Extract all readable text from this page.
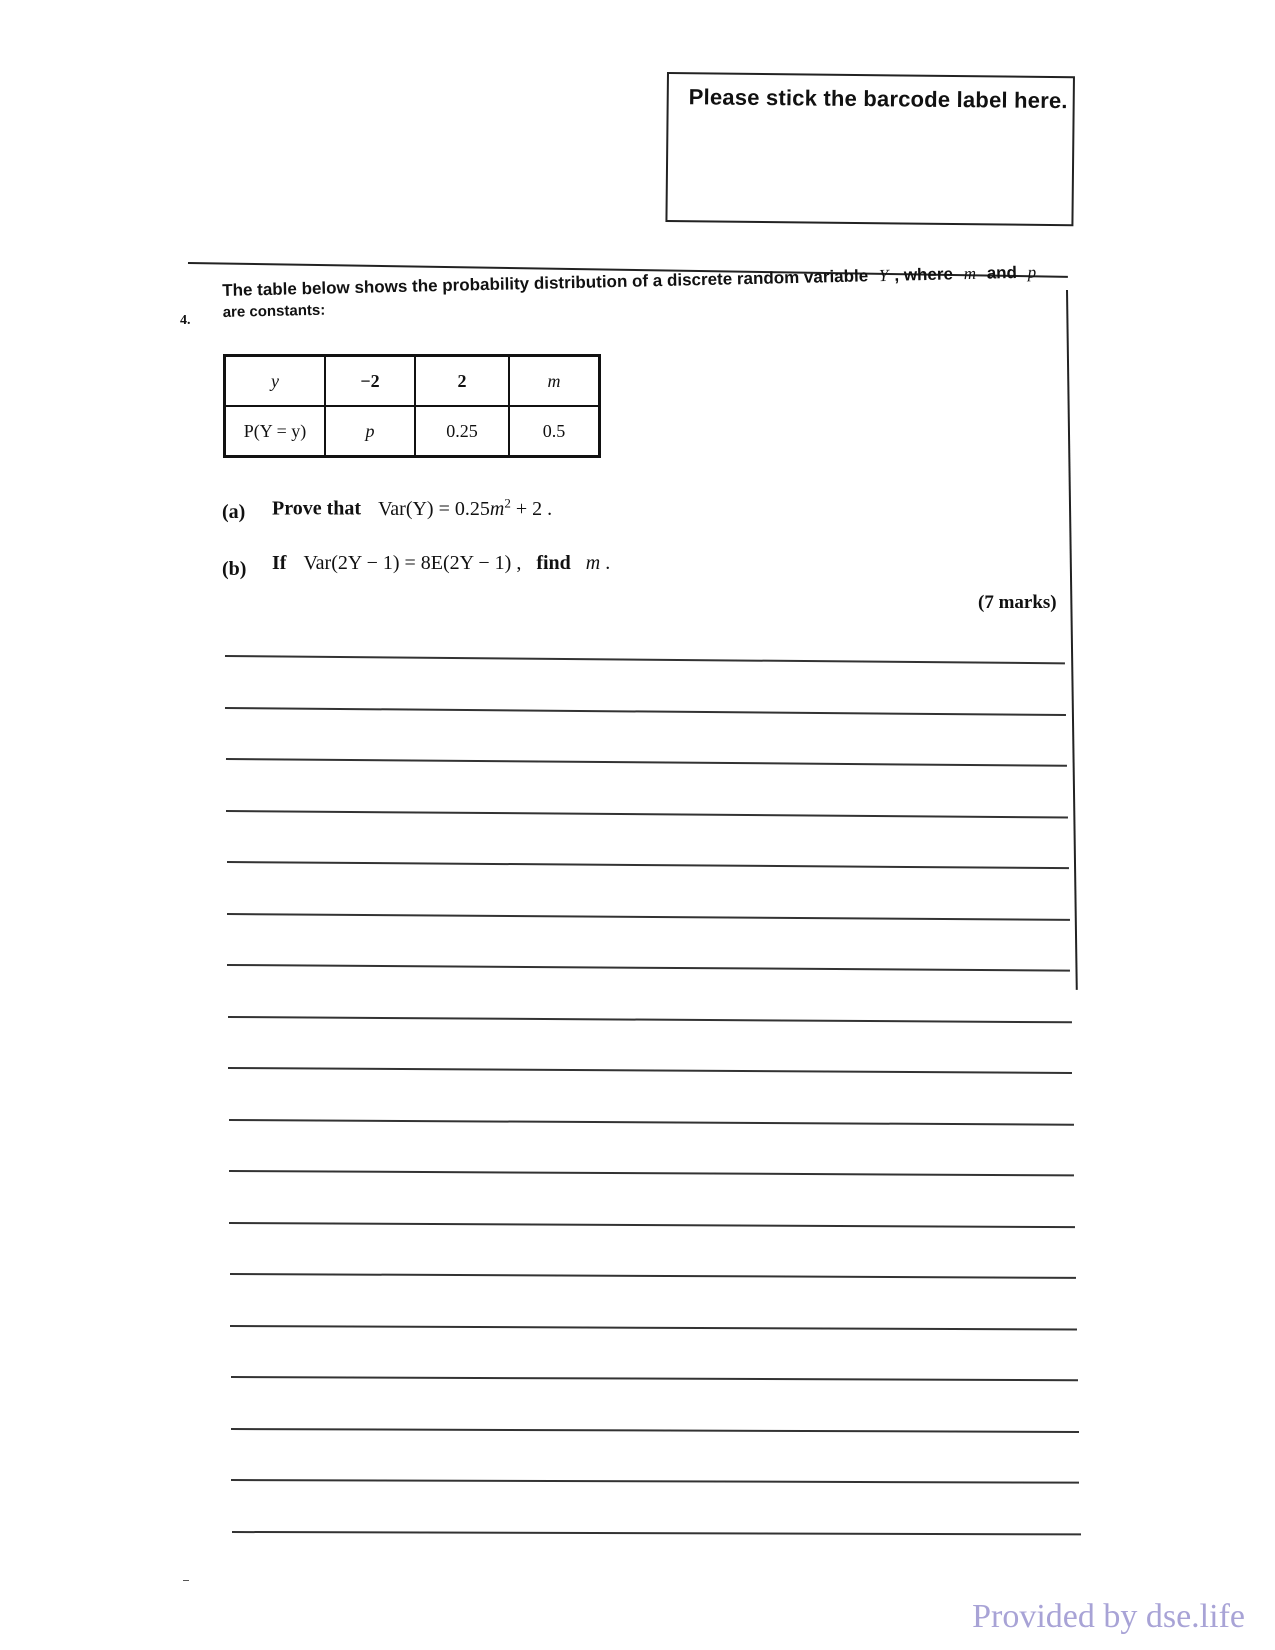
Please stick the barcode label here.
4.
The table below shows the probability distribution of a discrete random variable Y , where m and p
are constants:
y	−2	2	m
P(Y = y)	p	0.25	0.5
(a) Prove that $Var(Y) = 0.25m^2 + 2$ .
(b) If Var(2Y − 1) = 8E(2Y − 1) , find m .
(7 marks)
Provided by dse.life
